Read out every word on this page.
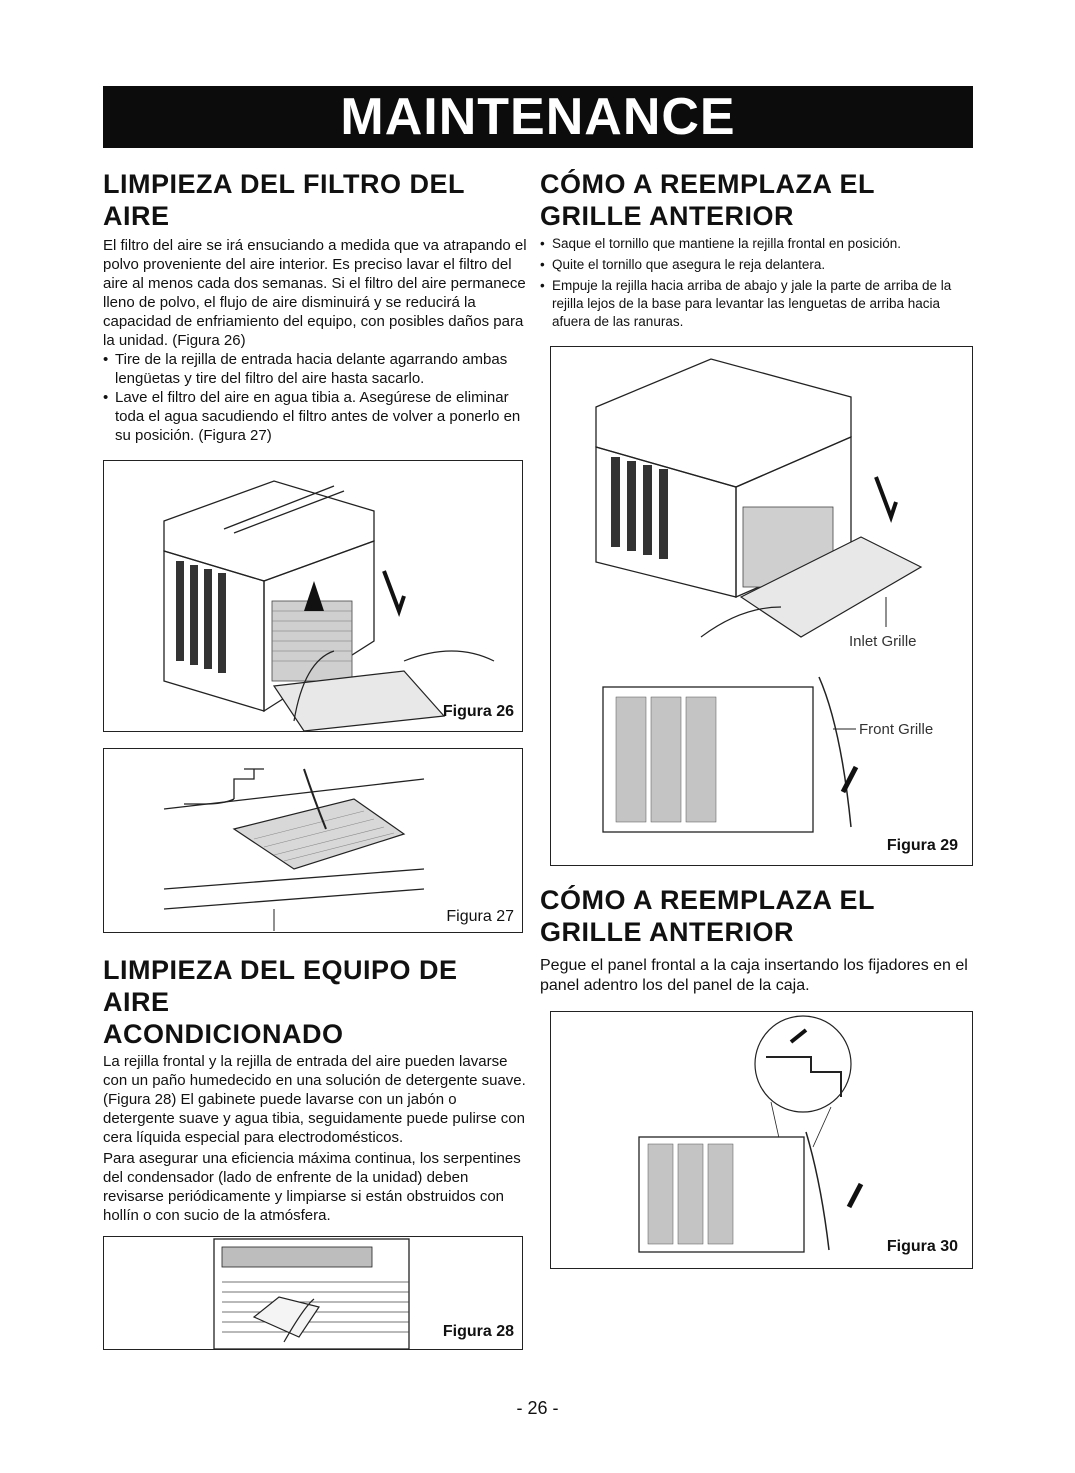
MAINTENANCE
LIMPIEZA DEL FILTRO DEL AIRE

El filtro del aire se irá ensuciando a medida que va atrapando el polvo proveniente del aire interior. Es preciso lavar el filtro del aire al menos cada dos semanas. Si el filtro del aire permanece lleno de polvo, el flujo de aire disminuirá y se reducirá la capacidad de enfriamiento del equipo, con posibles daños para la unidad. (Figura 26)

• Tire de la rejilla de entrada hacia delante agarrando ambas lengüetas y tire del filtro del aire hasta sacarlo.
• Lave el filtro del aire en agua tibia a. Asegúrese de eliminar toda el agua sacudiendo el filtro antes de volver a ponerlo en su posición. (Figura 27)
Figura 26
Figura 27
LIMPIEZA DEL EQUIPO DE AIRE
ACONDICIONADO

La rejilla frontal y la rejilla de entrada del aire pueden lavarse con un paño humedecido en una solución de detergente suave.(Figura 28) El gabinete puede lavarse con un jabón o detergente suave y agua tibia, seguidamente puede pulirse con cera líquida especial para electrodomésticos.

Para asegurar una eficiencia máxima continua, los serpentines del condensador (lado de enfrente de la unidad) deben revisarse periódicamente y limpiarse si están obstruidos con hollín o con sucio de la atmósfera.

Figura 28
CÓMO A REEMPLAZA EL
GRILLE ANTERIOR
• Saque el tornillo que mantiene la rejilla frontal en posición.
• Quite el tornillo que asegura le reja delantera.
• Empuje la rejilla hacia arriba de abajo y jale la parte de arriba de la rejilla lejos de la base para levantar las lenguetas de arriba hacia afuera de las ranuras.
Inlet Grille
Front Grille
Figura 29
CÓMO A REEMPLAZA EL
GRILLE ANTERIOR

Pegue el panel frontal a la caja insertando los fijadores en el panel adentro los del panel de la caja.

Figura 30
- 26 -
